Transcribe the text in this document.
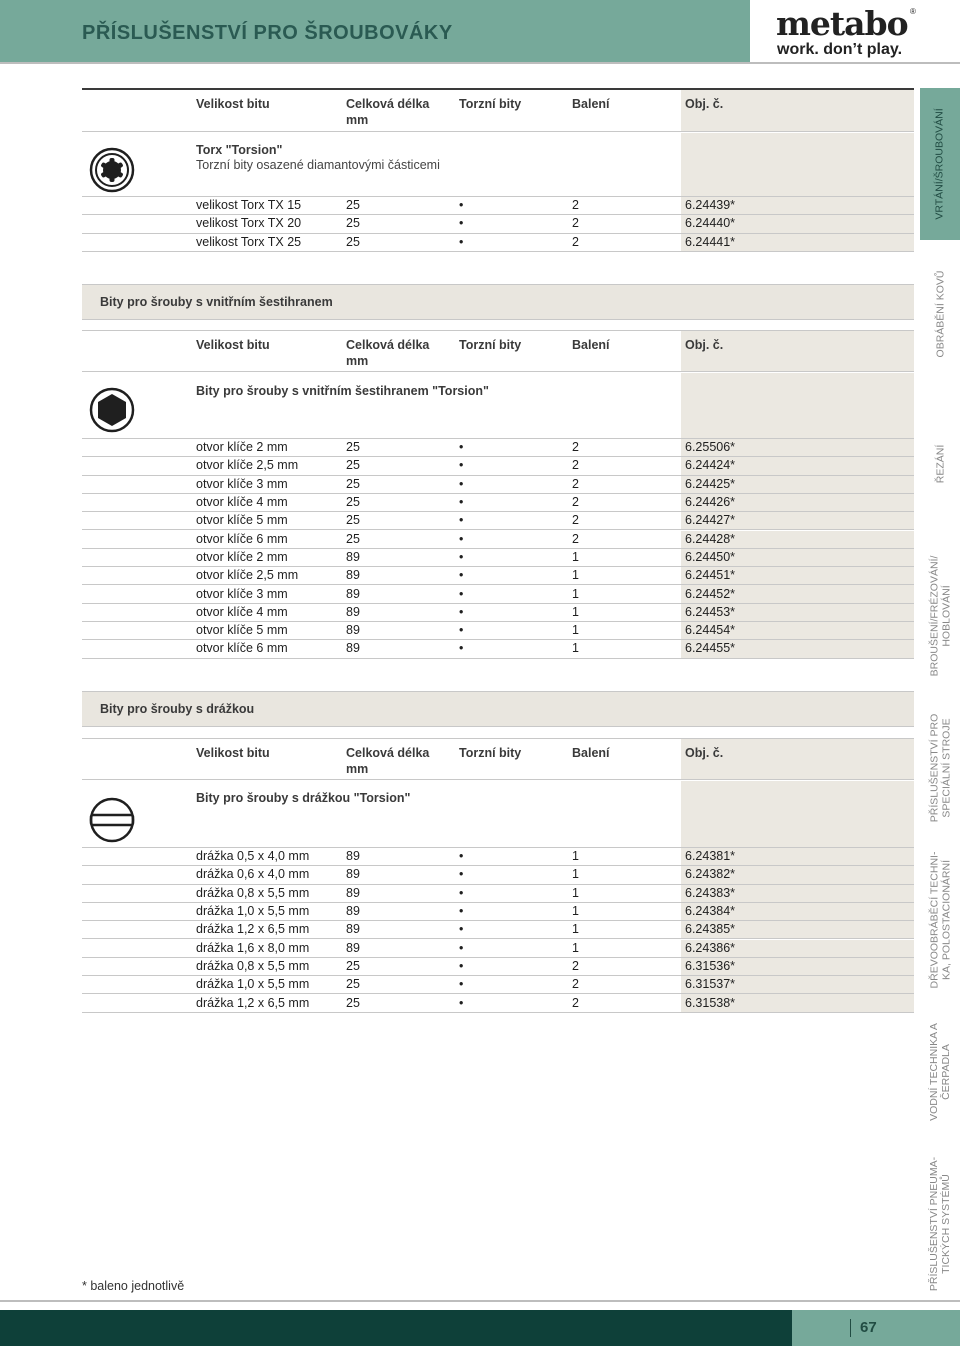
PŘÍSLUŠENSTVÍ PRO ŠROUBOVÁKY	metabo ®
work. don’t play.
VRTÁNÍ/ŠROUBOVÁNÍ
OBRÁBĚNÍ KOVŮ
ŘEZÁNÍ
BROUŠENÍ/FRÉZOVÁNÍ/
HOBLOVÁNÍ
PŘÍSLUŠENSTVÍ PRO
SPECIÁLNÍ STROJE
DŘEVOOBRÁBĚCÍ TECHNI-
KA, POLOSTACIONÁRNÍ
VODNÍ TECHNIKA A
ČERPADLA
PŘÍSLUŠENSTVÍ PNEUMA-
TICKÝCH SYSTÉMŮ
Velikost bitu	Celková délka
mm
Torzní bity	Balení	Obj. č.
Torx "Torsion"
Torzní bity osazené diamantovými částicemi
velikost Torx TX 15	25	•	2	6.24439*
velikost Torx TX 20	25	•	2	6.24440*
velikost Torx TX 25	25	•	2	6.24441*
Bity pro šrouby s vnitřním šestihranem
Velikost bitu	Celková délka
mm
Torzní bity	Balení	Obj. č.
Bity pro šrouby s vnitřním šestihranem "Torsion"
otvor klíče 2 mm	25	•	2	6.25506*
otvor klíče 2,5 mm	25	•	2	6.24424*
otvor klíče 3 mm	25	•	2	6.24425*
otvor klíče 4 mm	25	•	2	6.24426*
otvor klíče 5 mm	25	•	2	6.24427*
otvor klíče 6 mm	25	•	2	6.24428*
otvor klíče 2 mm	89	•	1	6.24450*
otvor klíče 2,5 mm	89	•	1	6.24451*
otvor klíče 3 mm	89	•	1	6.24452*
otvor klíče 4 mm	89	•	1	6.24453*
otvor klíče 5 mm	89	•	1	6.24454*
otvor klíče 6 mm	89	•	1	6.24455*
Bity pro šrouby s drážkou
Velikost bitu	Celková délka
mm
Torzní bity	Balení	Obj. č.
Bity pro šrouby s drážkou "Torsion"
drážka 0,5 x 4,0 mm	89	•	1	6.24381*
drážka 0,6 x 4,0 mm	89	•	1	6.24382*
drážka 0,8 x 5,5 mm	89	•	1	6.24383*
drážka 1,0 x 5,5 mm	89	•	1	6.24384*
drážka 1,2 x 6,5 mm	89	•	1	6.24385*
drážka 1,6 x 8,0 mm	89	•	1	6.24386*
drážka 0,8 x 5,5 mm	25	•	2	6.31536*
drážka 1,0 x 5,5 mm	25	•	2	6.31537*
drážka 1,2 x 6,5 mm	25	•	2	6.31538*
* baleno jednotlivě
67
